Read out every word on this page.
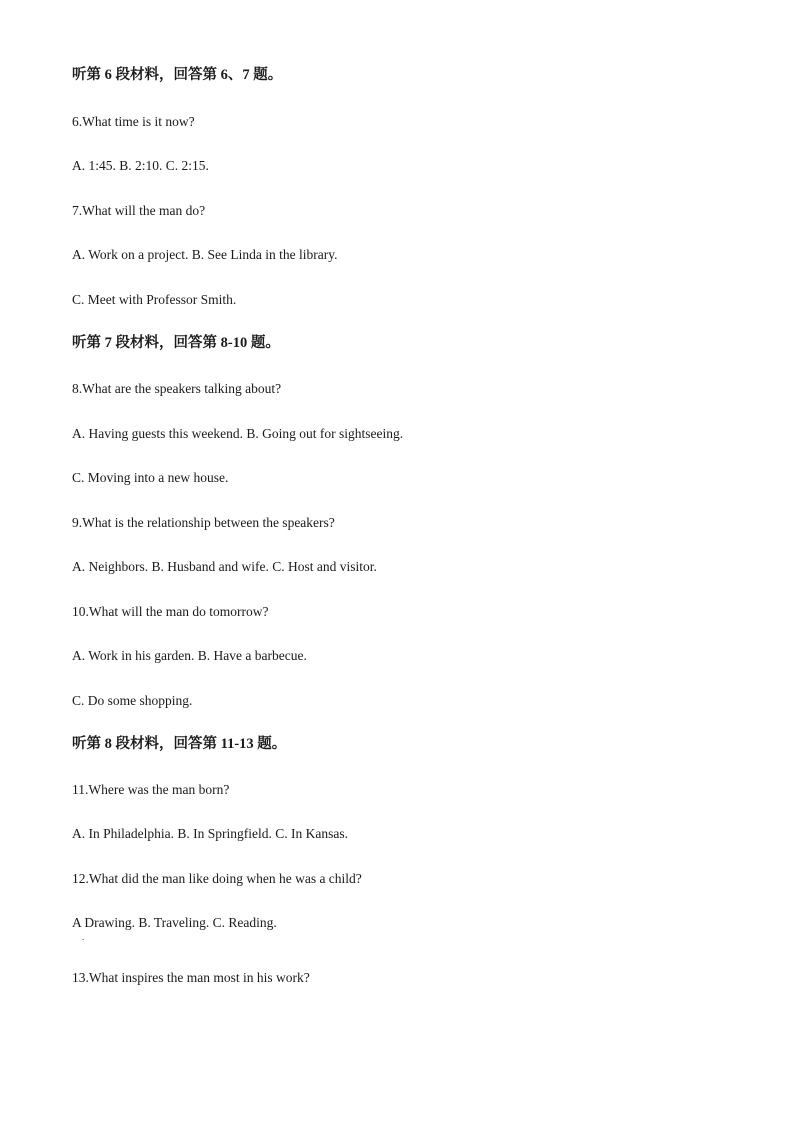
听第 6 段材料，回答第 6、7 题。
6.What time is it now?
A. 1:45. B. 2:10. C. 2:15.
7.What will the man do?
A. Work on a project. B. See Linda in the library.
C. Meet with Professor Smith.
听第 7 段材料，回答第 8-10 题。
8.What are the speakers talking about?
A. Having guests this weekend. B. Going out for sightseeing.
C. Moving into a new house.
9.What is the relationship between the speakers?
A. Neighbors. B. Husband and wife. C. Host and visitor.
10.What will the man do tomorrow?
A. Work in his garden. B. Have a barbecue.
C. Do some shopping.
听第 8 段材料，回答第 11-13 题。
11.Where was the man born?
A. In Philadelphia. B. In Springfield. C. In Kansas.
12.What did the man like doing when he was a child?
A Drawing. B. Traveling. C. Reading.
.
13.What inspires the man most in his work?
